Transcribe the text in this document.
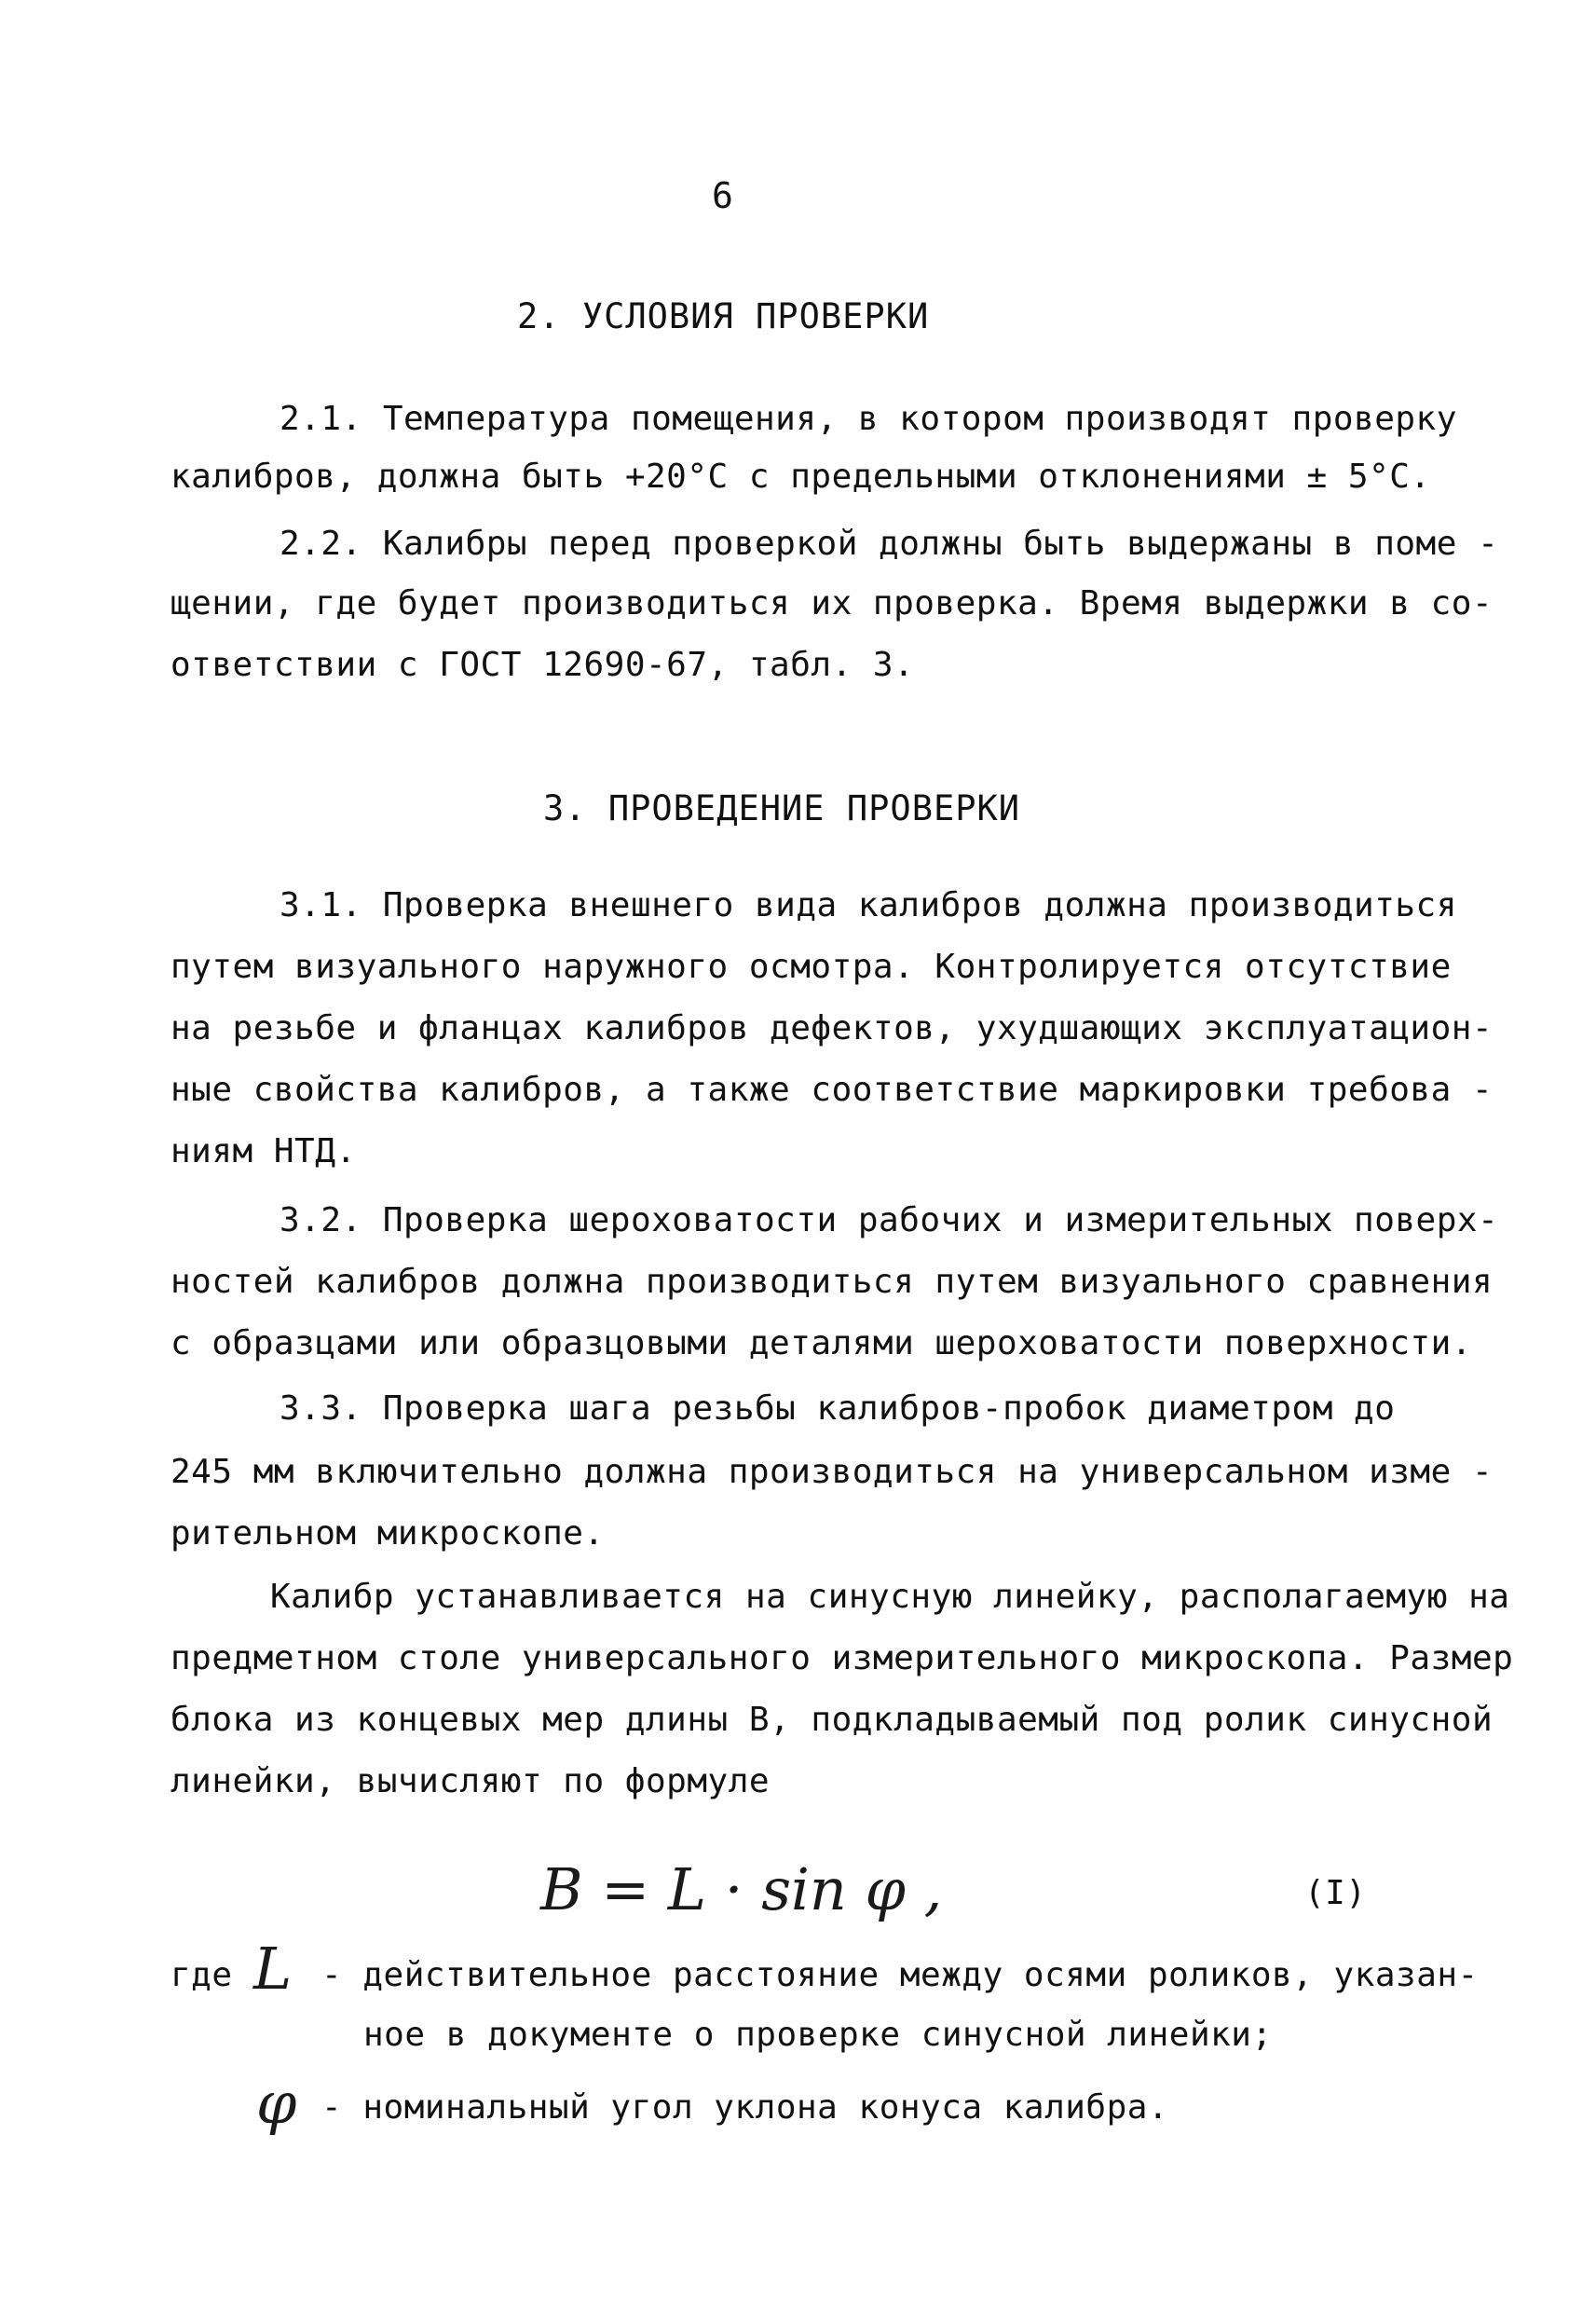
6
2. УСЛОВИЯ ПРОВЕРКИ
2.1. Температура помещения, в котором производят проверку
калибров, должна быть +20°С с предельными отклонениями ± 5°С.
2.2. Калибры перед проверкой должны быть выдержаны в поме -
щении, где будет производиться их проверка. Время выдержки в со-
ответствии с ГОСТ 12690-67, табл. 3.
3. ПРОВЕДЕНИЕ ПРОВЕРКИ
3.1. Проверка внешнего вида калибров должна производиться
путем визуального наружного осмотра. Контролируется отсутствие
на резьбе и фланцах калибров дефектов, ухудшающих эксплуатацион-
ные свойства калибров, а также соответствие маркировки требова -
ниям НТД.
3.2. Проверка шероховатости рабочих и измерительных поверх-
ностей калибров должна производиться путем визуального сравнения
с образцами или образцовыми деталями шероховатости поверхности.
3.3. Проверка шага резьбы калибров-пробок диаметром до
245 мм включительно должна производиться на универсальном изме -
рительном микроскопе.
Калибр устанавливается на синусную линейку, располагаемую на
предметном столе универсального измерительного микроскопа. Размер
блока из концевых мер длины В, подкладываемый под ролик синусной
линейки, вычисляют по формуле
B = L · sin φ ,	(I)
где L - действительное расстояние между осями роликов, указан-
ное в документе о проверке синусной линейки;
φ - номинальный угол уклона конуса калибра.
